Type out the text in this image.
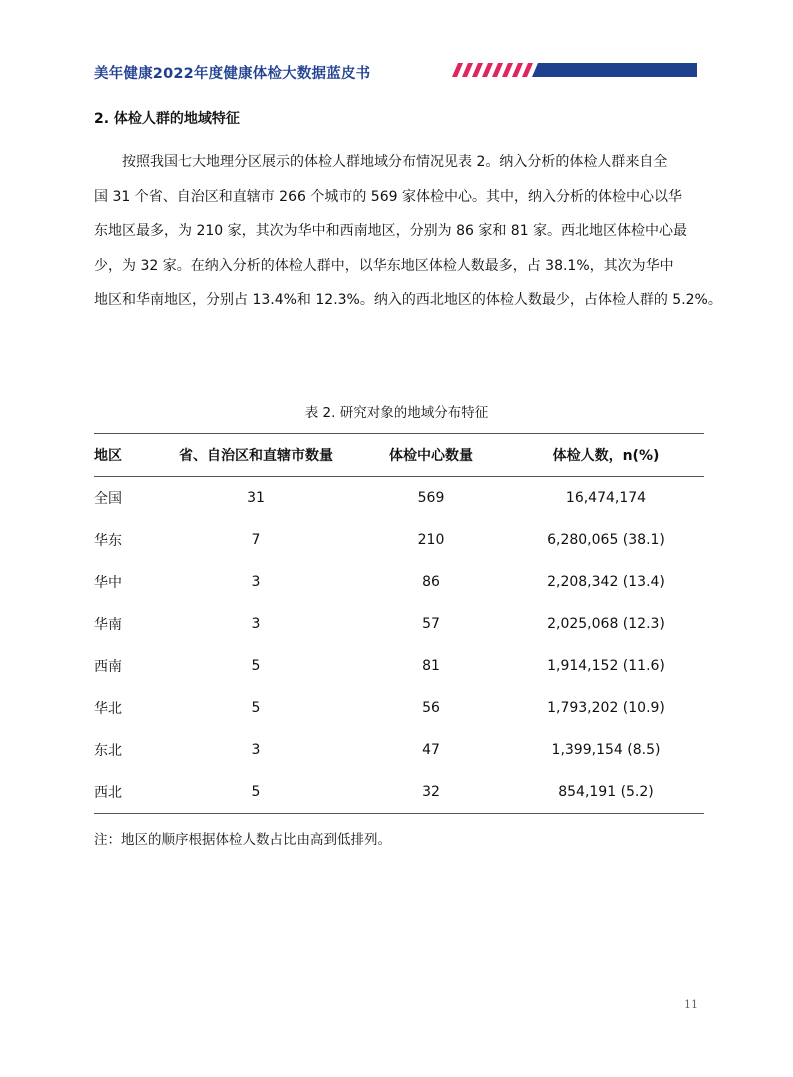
美年健康2022年度健康体检大数据蓝皮书
2. 体检人群的地域特征
　　按照我国七大地理分区展示的体检人群地域分布情况见表 2。纳入分析的体检人群来自全
国 31 个省、自治区和直辖市 266 个城市的 569 家体检中心。其中，纳入分析的体检中心以华
东地区最多，为 210 家，其次为华中和西南地区，分别为 86 家和 81 家。西北地区体检中心最
少，为 32 家。在纳入分析的体检人群中，以华东地区体检人数最多，占 38.1%，其次为华中
地区和华南地区，分别占 13.4%和 12.3%。纳入的西北地区的体检人数最少，占体检人群的 5.2%。
表 2. 研究对象的地域分布特征
地区	省、自治区和直辖市数量	体检中心数量	体检人数，n(%)
全国	31	569	16,474,174
华东	7	210	6,280,065 (38.1)
华中	3	86	2,208,342 (13.4)
华南	3	57	2,025,068 (12.3)
西南	5	81	1,914,152 (11.6)
华北	5	56	1,793,202 (10.9)
东北	3	47	1,399,154 (8.5)
西北	5	32	854,191 (5.2)
注：地区的顺序根据体检人数占比由高到低排列。
11
